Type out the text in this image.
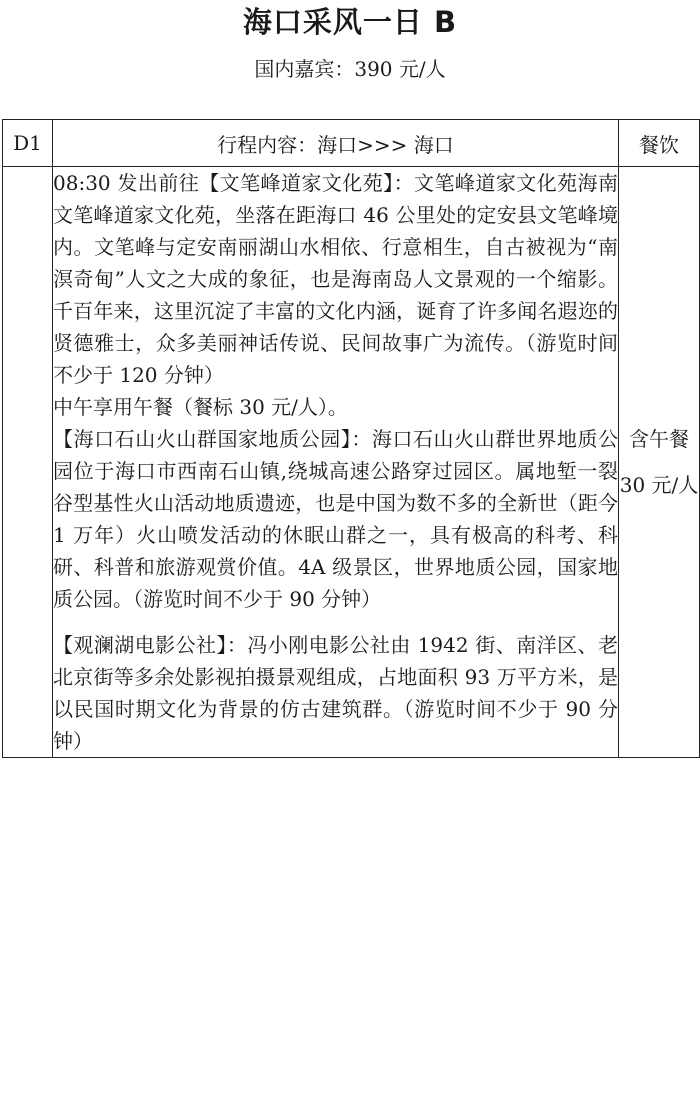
海口采风一日 B
国内嘉宾：390 元/人
D1	行程内容：海口>>> 海口	餐饮

	08:30 发出前往【文笔峰道家文化苑】：文笔峰道家文化苑海南文笔峰道家文化苑，坐落在距海口 46 公里处的定安县文笔峰境内。文笔峰与定安南丽湖山水相依、行意相生，自古被视为“南溟奇甸”人文之大成的象征，也是海南岛人文景观的一个缩影。千百年来，这里沉淀了丰富的文化内涵，诞育了许多闻名遐迩的贤德雅士，众多美丽神话传说、民间故事广为流传。（游览时间不少于 120 分钟）

中午享用午餐（餐标 30 元/人）。

【海口石山火山群国家地质公园】：海口石山火山群世界地质公园位于海口市西南石山镇,绕城高速公路穿过园区。属地堑一裂谷型基性火山活动地质遗迹，也是中国为数不多的全新世（距今 1 万年）火山喷发活动的休眠山群之一，具有极高的科考、科研、科普和旅游观赏价值。4A 级景区，世界地质公园，国家地质公园。（游览时间不少于 90 分钟）

【观澜湖电影公社】：冯小刚电影公社由 1942 街、南洋区、老北京街等多余处影视拍摄景观组成，占地面积 93 万平方米，是以民国时期文化为背景的仿古建筑群。（游览时间不少于 90 分钟）	含午餐 30 元/人
